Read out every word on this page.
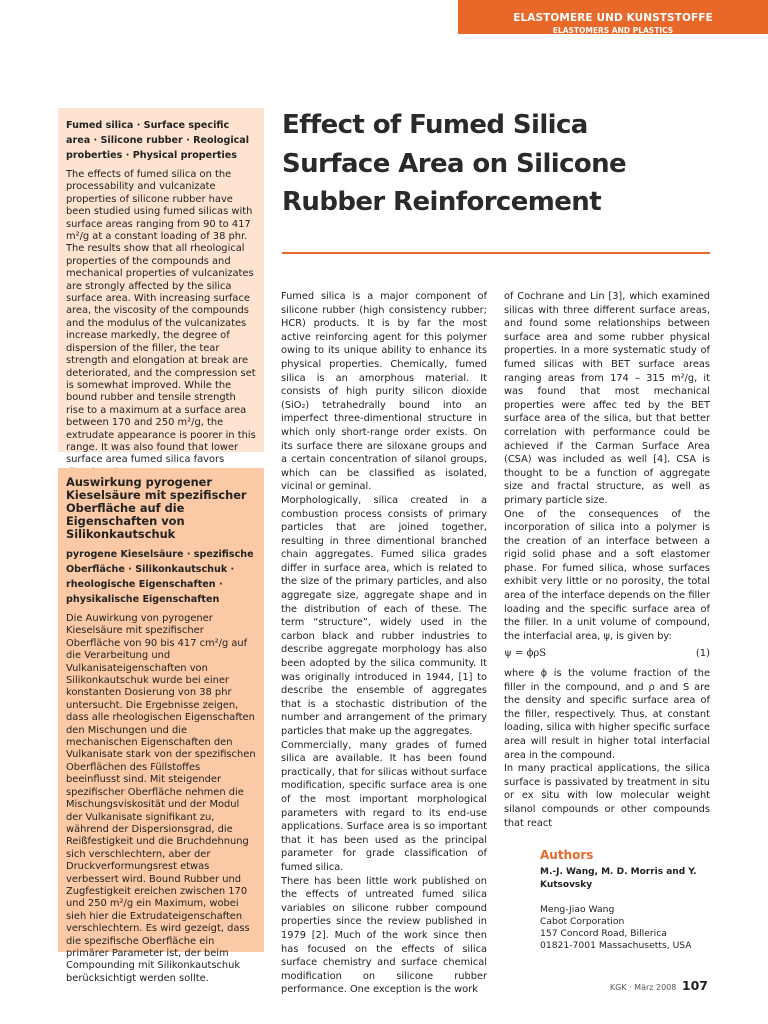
ELASTOMERE UND KUNSTSTOFFE
ELASTOMERS AND PLASTICS

Fumed silica · Surface specific area · Silicone rubber · Reological proberties · Physical properties

The effects of fumed silica on the processability and vulcanizate properties of silicone rubber have been studied using fumed silicas with surface areas ranging from 90 to 417 m²/g at a constant loading of 38 phr. The results show that all rheological properties of the compounds and mechanical properties of vulcanizates are strongly affected by the silica surface area. With increasing surface area, the viscosity of the compounds and the modulus of the vulcanizates increase markedly, the degree of dispersion of the filler, the tear strength and elongation at break are deteriorated, and the compression set is somewhat improved. While the bound rubber and tensile strength rise to a maximum at a surface area between 170 and 250 m²/g, the extrudate appearance is poorer in this range. It was also found that lower surface area fumed silica favors

Auswirkung pyrogener Kieselsäure mit spezifischer Oberfläche auf die Eigenschaften von Silikonkautschuk

pyrogene Kieselsäure · spezifische Oberfläche · Silikonkautschuk · rheologische Eigenschaften · physikalische Eigenschaften

Die Auwirkung von pyrogener Kieselsäure mit spezifischer Oberfläche von 90 bis 417 cm²/g auf die Verarbeitung und Vulkanisateigenschaften von Silikonkautschuk wurde bei einer konstanten Dosierung von 38 phr untersucht. Die Ergebnisse zeigen, dass alle rheologischen Eigenschaften den Mischungen und die mechanischen Eigenschaften den Vulkanisate stark von der spezifischen Oberflächen des Füllstoffes beeinflusst sind. Mit steigender spezifischer Oberfläche nehmen die Mischungsviskosität und der Modul der Vulkanisate signifikant zu, während der Dispersionsgrad, die Reißfestigkeit und die Bruchdehnung sich verschlechtern, aber der Druckverformungsrest etwas verbessert wird. Bound Rubber und Zugfestigkeit ereichen zwischen 170 und 250 m²/g ein Maximum, wobei sieh hier die Extrudateigenschaften verschlechtern. Es wird gezeigt, dass die spezifische Oberfläche ein primärer Parameter ist, der beim Compounding mit Silikonkautschuk berücksichtigt werden sollte.

Effect of Fumed Silica Surface Area on Silicone Rubber Reinforcement

Fumed silica is a major component of silicone rubber (high consistency rubber; HCR) products. It is by far the most active reinforcing agent for this polymer owing to its unique ability to enhance its physical properties. Chemically, fumed silica is an amorphous material. It consists of high purity silicon dioxide (SiO₂) tetrahedrally bound into an imperfect three-dimentional structure in which only short-range order exists. On its surface there are siloxane groups and a certain concentration of silanol groups, which can be classified as isolated, vicinal or geminal.

Morphologically, silica created in a combustion process consists of primary particles that are joined together, resulting in three dimentional branched chain aggregates. Fumed silica grades differ in surface area, which is related to the size of the primary particles, and also aggregate size, aggregate shape and in the distribution of each of these. The term “structure”, widely used in the carbon black and rubber industries to describe aggregate morphology has also been adopted by the silica community. It was originally introduced in 1944, [1] to describe the ensemble of aggregates that is a stochastic distribution of the number and arrangement of the primary particles that make up the aggregates.

Commercially, many grades of fumed silica are available. It has been found practically, that for silicas without surface modification, specific surface area is one of the most important morphological parameters with regard to its end-use applications. Surface area is so important that it has been used as the principal parameter for grade classification of fumed silica.

There has been little work published on the effects of untreated fumed silica variables on silicone rubber compound properties since the review published in 1979 [2]. Much of the work since then has focused on the effects of silica surface chemistry and surface chemical modification on silicone rubber performance. One exception is the work

of Cochrane and Lin [3], which examined silicas with three different surface areas, and found some relationships between surface area and some rubber physical properties. In a more systematic study of fumed silicas with BET surface areas ranging areas from 174 – 315 m²/g, it was found that most mechanical properties were affec ted by the BET surface area of the silica, but that better correlation with performance could be achieved if the Carman Surface Area (CSA) was included as well [4]. CSA is thought to be a function of aggregate size and fractal structure, as well as primary particle size.

One of the consequences of the incorporation of silica into a polymer is the creation of an interface between a rigid solid phase and a soft elastomer phase. For fumed silica, whose surfaces exhibit very little or no porosity, the total area of the interface depends on the filler loading and the specific surface area of the filler. In a unit volume of compound, the interfacial area, ψ, is given by:

ψ = ϕρS	(1)

where ϕ is the volume fraction of the filler in the compound, and ρ and S are the density and specific surface area of the filler, respectively. Thus, at constant loading, silica with higher specific surface area will result in higher total interfacial area in the compound.

In many practical applications, the silica surface is passivated by treatment in situ or ex situ with low molecular weight silanol compounds or other compounds that react

Authors

M.-J. Wang, M. D. Morris and Y. Kutsovsky

Meng-Jiao Wang
Cabot Corporation
157 Concord Road, Billerica
01821-7001 Massachusetts, USA
KGK · März 2008 107
